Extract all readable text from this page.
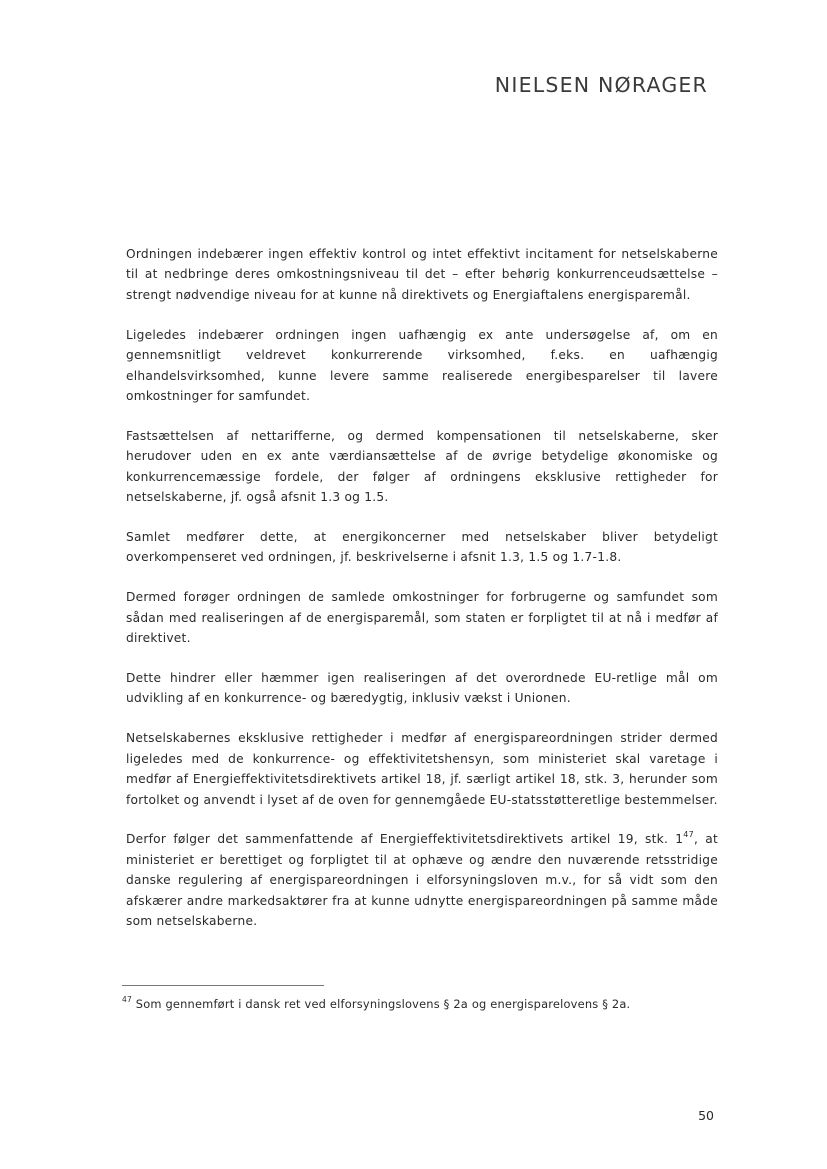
NIELSEN NØRAGER

Ordningen indebærer ingen effektiv kontrol og intet effektivt incitament for netselskaberne til at nedbringe deres omkostningsniveau til det – efter behørig konkurrenceudsættelse – strengt nødvendige niveau for at kunne nå direktivets og Energiaftalens energisparemål.

Ligeledes indebærer ordningen ingen uafhængig ex ante undersøgelse af, om en gennemsnitligt veldrevet konkurrerende virksomhed, f.eks. en uafhængig elhandelsvirksomhed, kunne levere samme realiserede energibesparelser til lavere omkostninger for samfundet.

Fastsættelsen af nettarifferne, og dermed kompensationen til netselskaberne, sker herudover uden en ex ante værdiansættelse af de øvrige betydelige økonomiske og konkurrencemæssige fordele, der følger af ordningens eksklusive rettigheder for netselskaberne, jf. også afsnit 1.3 og 1.5.

Samlet medfører dette, at energikoncerner med netselskaber bliver betydeligt overkompenseret ved ordningen, jf. beskrivelserne i afsnit 1.3, 1.5 og 1.7-1.8.

Dermed forøger ordningen de samlede omkostninger for forbrugerne og samfundet som sådan med realiseringen af de energisparemål, som staten er forpligtet til at nå i medfør af direktivet.

Dette hindrer eller hæmmer igen realiseringen af det overordnede EU-retlige mål om udvikling af en konkurrence- og bæredygtig, inklusiv vækst i Unionen.

Netselskabernes eksklusive rettigheder i medfør af energispareordningen strider dermed ligeledes med de konkurrence- og effektivitetshensyn, som ministeriet skal varetage i medfør af Energieffektivitetsdirektivets artikel 18, jf. særligt artikel 18, stk. 3, herunder som fortolket og anvendt i lyset af de oven for gennemgåede EU-statsstøtteretlige bestemmelser.

Derfor følger det sammenfattende af Energieffektivitetsdirektivets artikel 19, stk. $1^{47}$, at ministeriet er berettiget og forpligtet til at ophæve og ændre den nuværende retsstridige danske regulering af energispareordningen i elforsyningsloven m.v., for så vidt som den afskærer andre markedsaktører fra at kunne udnytte energispareordningen på samme måde som netselskaberne.

$^{47}$ Som gennemført i dansk ret ved elforsyningslovens § 2a og energisparelovens § 2a.

50
